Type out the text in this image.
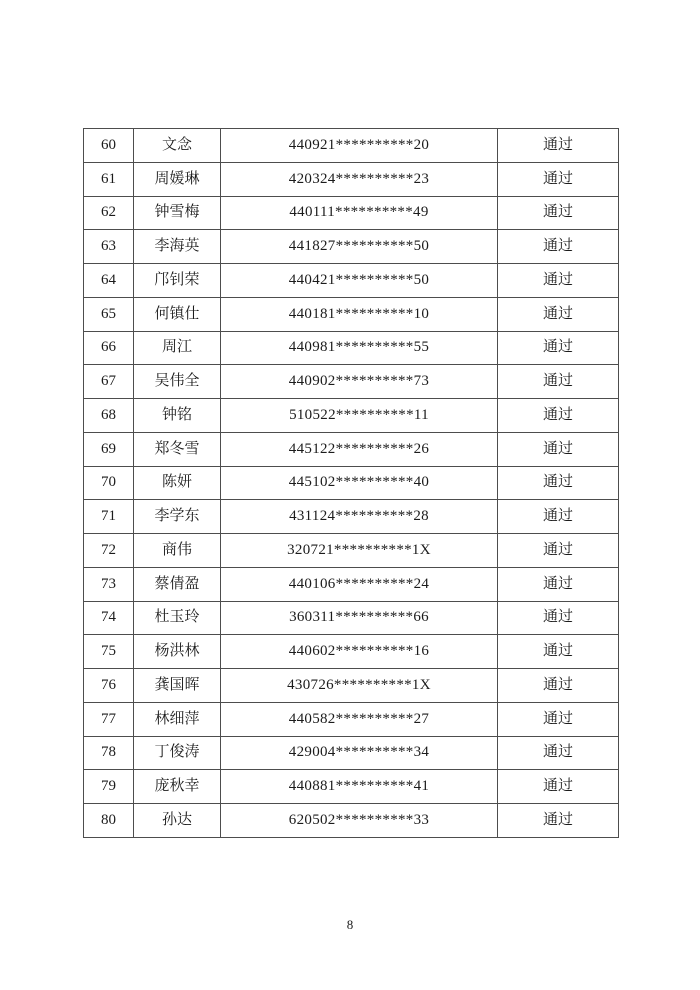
60	文念	440921**********20	通过
61	周媛琳	420324**********23	通过
62	钟雪梅	440111**********49	通过
63	李海英	441827**********50	通过
64	邝钊荣	440421**********50	通过
65	何镇仕	440181**********10	通过
66	周江	440981**********55	通过
67	吴伟全	440902**********73	通过
68	钟铭	510522**********11	通过
69	郑冬雪	445122**********26	通过
70	陈妍	445102**********40	通过
71	李学东	431124**********28	通过
72	商伟	320721**********1X	通过
73	蔡倩盈	440106**********24	通过
74	杜玉玲	360311**********66	通过
75	杨洪林	440602**********16	通过
76	龚国晖	430726**********1X	通过
77	林细萍	440582**********27	通过
78	丁俊涛	429004**********34	通过
79	庞秋幸	440881**********41	通过
80	孙达	620502**********33	通过
8
